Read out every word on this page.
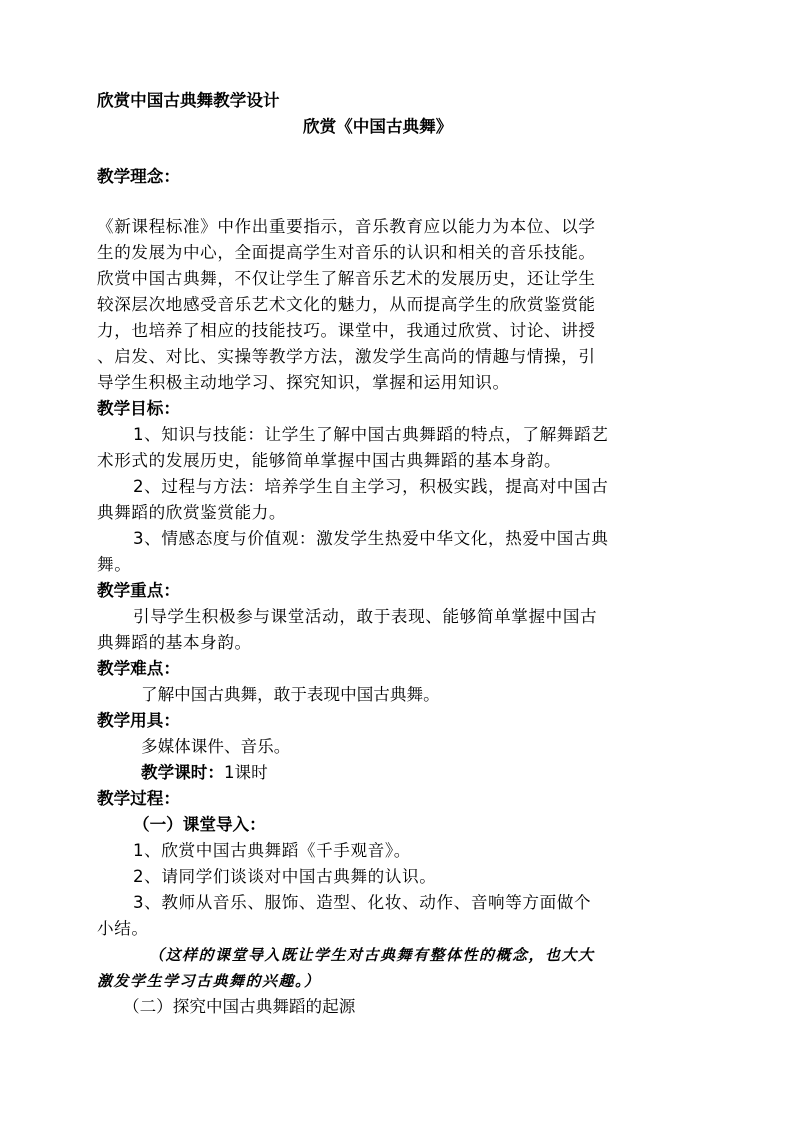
欣赏中国古典舞教学设计
欣赏《中国古典舞》
教学理念：
《新课程标准》中作出重要指示，音乐教育应以能力为本位、以学
生的发展为中心，全面提高学生对音乐的认识和相关的音乐技能。
欣赏中国古典舞，不仅让学生了解音乐艺术的发展历史，还让学生
较深层次地感受音乐艺术文化的魅力，从而提高学生的欣赏鉴赏能
力，也培养了相应的技能技巧。课堂中，我通过欣赏、讨论、讲授
、启发、对比、实操等教学方法，激发学生高尚的情趣与情操，引
导学生积极主动地学习、探究知识，掌握和运用知识。
教学目标：
1、知识与技能：让学生了解中国古典舞蹈的特点，了解舞蹈艺
术形式的发展历史，能够简单掌握中国古典舞蹈的基本身韵。
2、过程与方法：培养学生自主学习，积极实践，提高对中国古
典舞蹈的欣赏鉴赏能力。
3、情感态度与价值观：激发学生热爱中华文化，热爱中国古典
舞。
教学重点：
引导学生积极参与课堂活动，敢于表现、能够简单掌握中国古
典舞蹈的基本身韵。
教学难点：
了解中国古典舞，敢于表现中国古典舞。
教学用具：
多媒体课件、音乐。
教学课时：1课时
教学过程：
（一）课堂导入：
1、欣赏中国古典舞蹈《千手观音》。
2、请同学们谈谈对中国古典舞的认识。
3、教师从音乐、服饰、造型、化妆、动作、音响等方面做个
小结。
（这样的课堂导入既让学生对古典舞有整体性的概念，也大大
激发学生学习古典舞的兴趣。）
（二）探究中国古典舞蹈的起源
